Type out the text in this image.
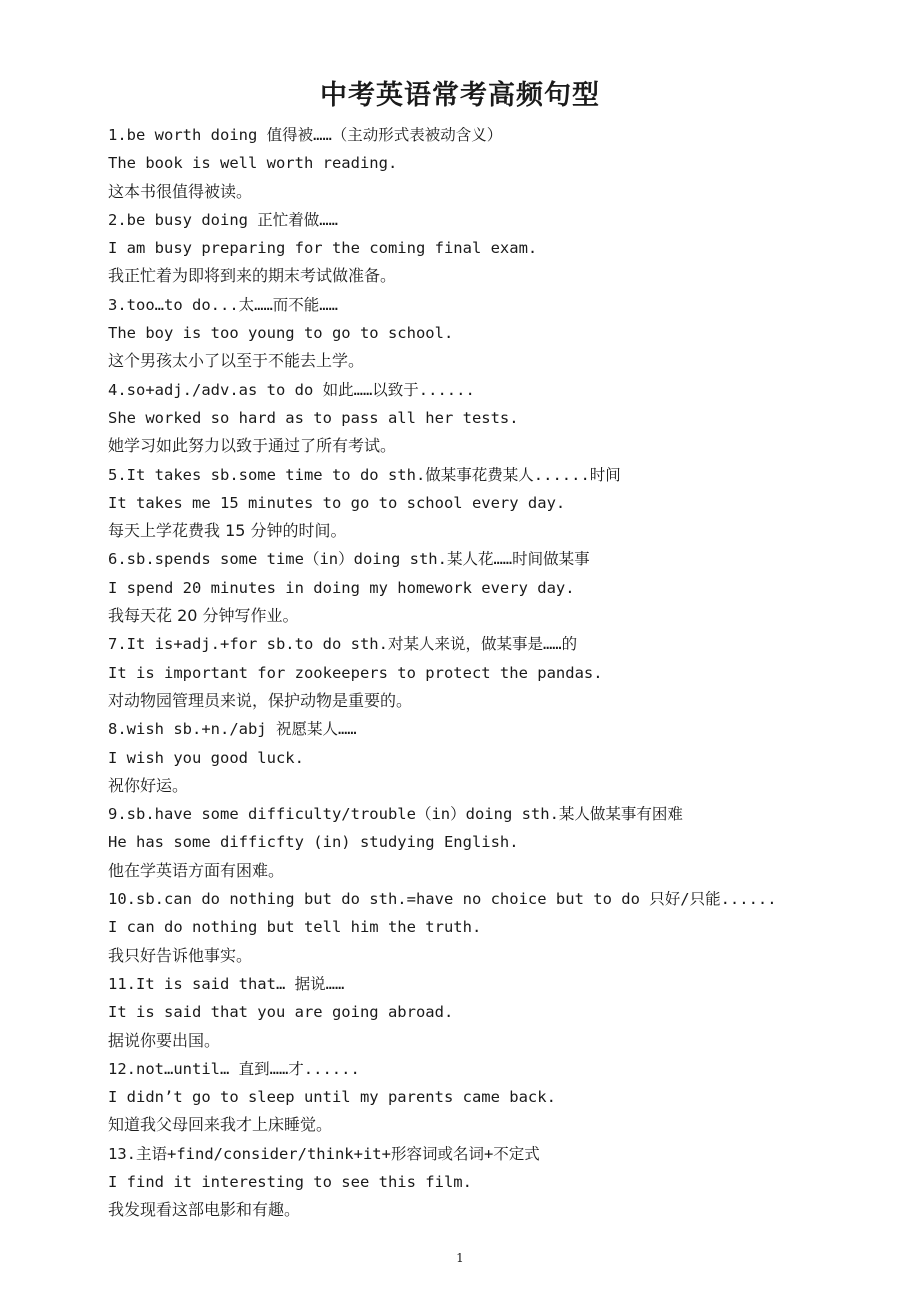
中考英语常考高频句型
1.be worth doing 值得被……（主动形式表被动含义）
The book is well worth reading.
这本书很值得被读。
2.be busy doing 正忙着做……
I am busy preparing for the coming final exam.
我正忙着为即将到来的期末考试做准备。
3.too…to do...太……而不能……
The boy is too young to go to school.
这个男孩太小了以至于不能去上学。
4.so+adj./adv.as to do 如此……以致于......
She worked so hard as to pass all her tests.
她学习如此努力以致于通过了所有考试。
5.It takes sb.some time to do sth.做某事花费某人......时间
It takes me 15 minutes to go to school every day.
每天上学花费我 15 分钟的时间。
6.sb.spends some time（in）doing sth.某人花……时间做某事
I spend 20 minutes in doing my homework every day.
我每天花 20 分钟写作业。
7.It is+adj.+for sb.to do sth.对某人来说，做某事是……的
It is important for zookeepers to protect the pandas.
对动物园管理员来说，保护动物是重要的。
8.wish sb.+n./abj 祝愿某人……
I wish you good luck.
祝你好运。
9.sb.have some difficulty/trouble（in）doing sth.某人做某事有困难
He has some difficfty (in) studying English.
他在学英语方面有困难。
10.sb.can do nothing but do sth.=have no choice but to do 只好/只能......
I can do nothing but tell him the truth.
我只好告诉他事实。
11.It is said that… 据说……
It is said that you are going abroad.
据说你要出国。
12.not…until… 直到……才......
I didn’t go to sleep until my parents came back.
知道我父母回来我才上床睡觉。
13.主语+find/consider/think+it+形容词或名词+不定式
I find it interesting to see this film.
我发现看这部电影和有趣。
1
